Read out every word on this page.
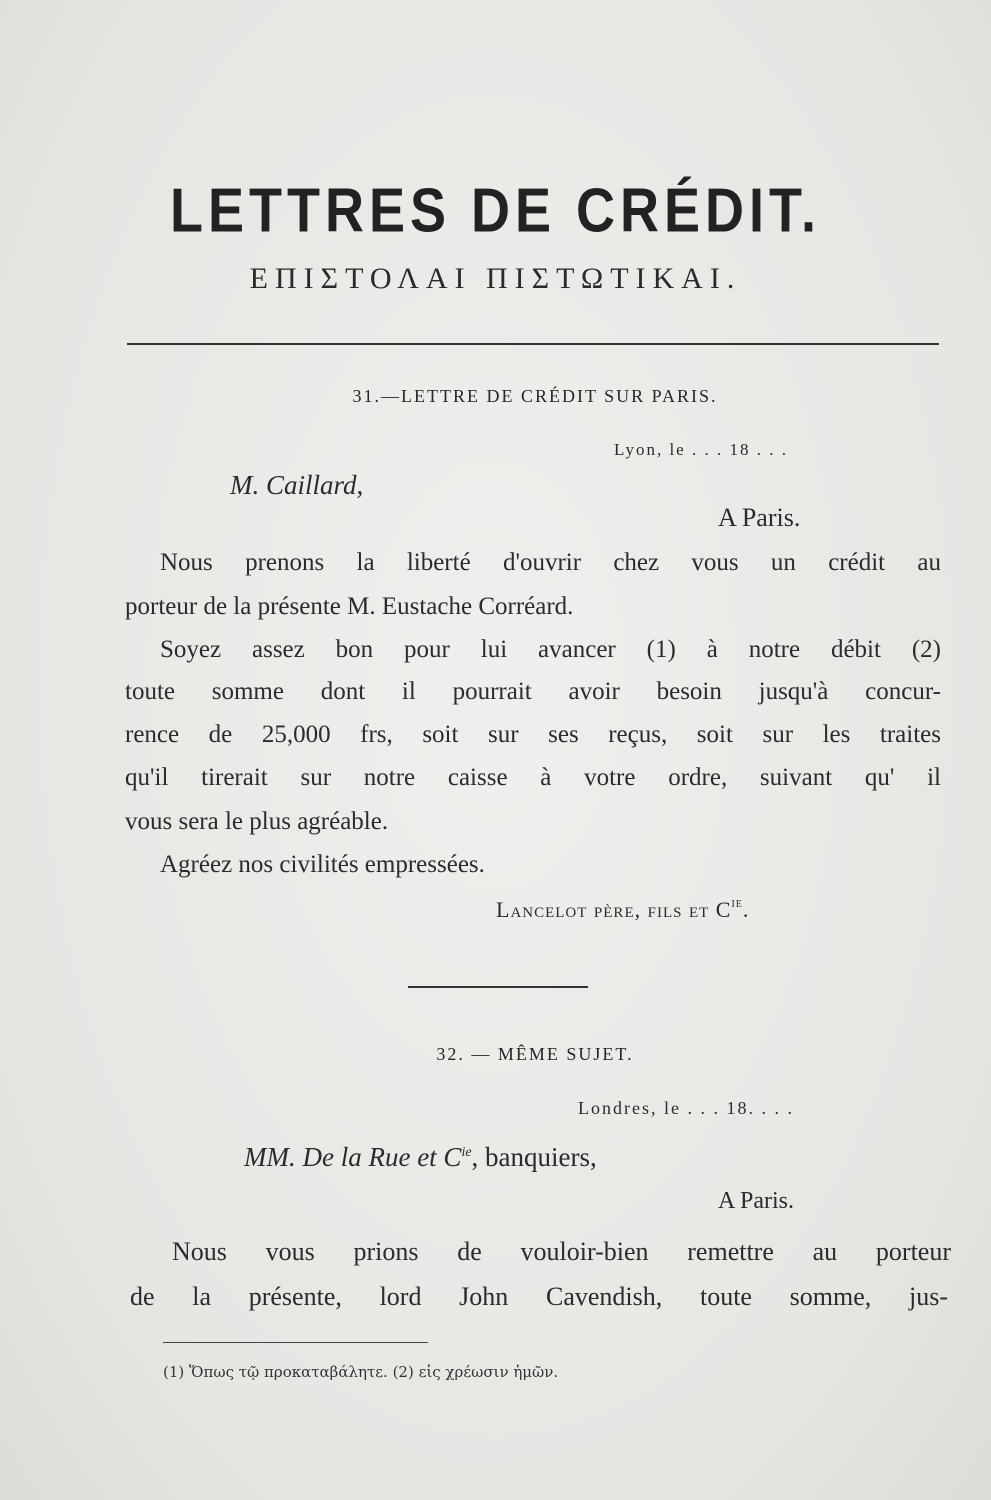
LETTRES DE CRÉDIT.
ΕΠΙΣΤΟΛΑΙ ΠΙΣΤΩΤΙΚΑΙ.
31.—LETTRE DE CRÉDIT SUR PARIS.
Lyon, le . . . 18 . . .
M. Caillard,
A Paris.
Nous prenons la liberté d'ouvrir chez vous un crédit au
porteur de la présente M. Eustache Corréard.
Soyez assez bon pour lui avancer (1) à notre débit (2)
toute somme dont il pourrait avoir besoin jusqu'à concur-
rence de 25,000 frs, soit sur ses reçus, soit sur les traites
qu'il tirerait sur notre caisse à votre ordre, suivant qu' il
vous sera le plus agréable.
Agréez nos civilités empressées.
Lancelot père, fils et $C^{ie}$.
32. — MÊME SUJET.
Londres, le . . . 18. . . .
MM. De la Rue et $C^{ie}$, banquiers,
A Paris.
Nous vous prions de vouloir-bien remettre au porteur
de la présente, lord John Cavendish, toute somme, jus-
(1) Ὅπως τῷ προκαταβάλητε. (2) εἰς χρέωσιν ἡμῶν.
